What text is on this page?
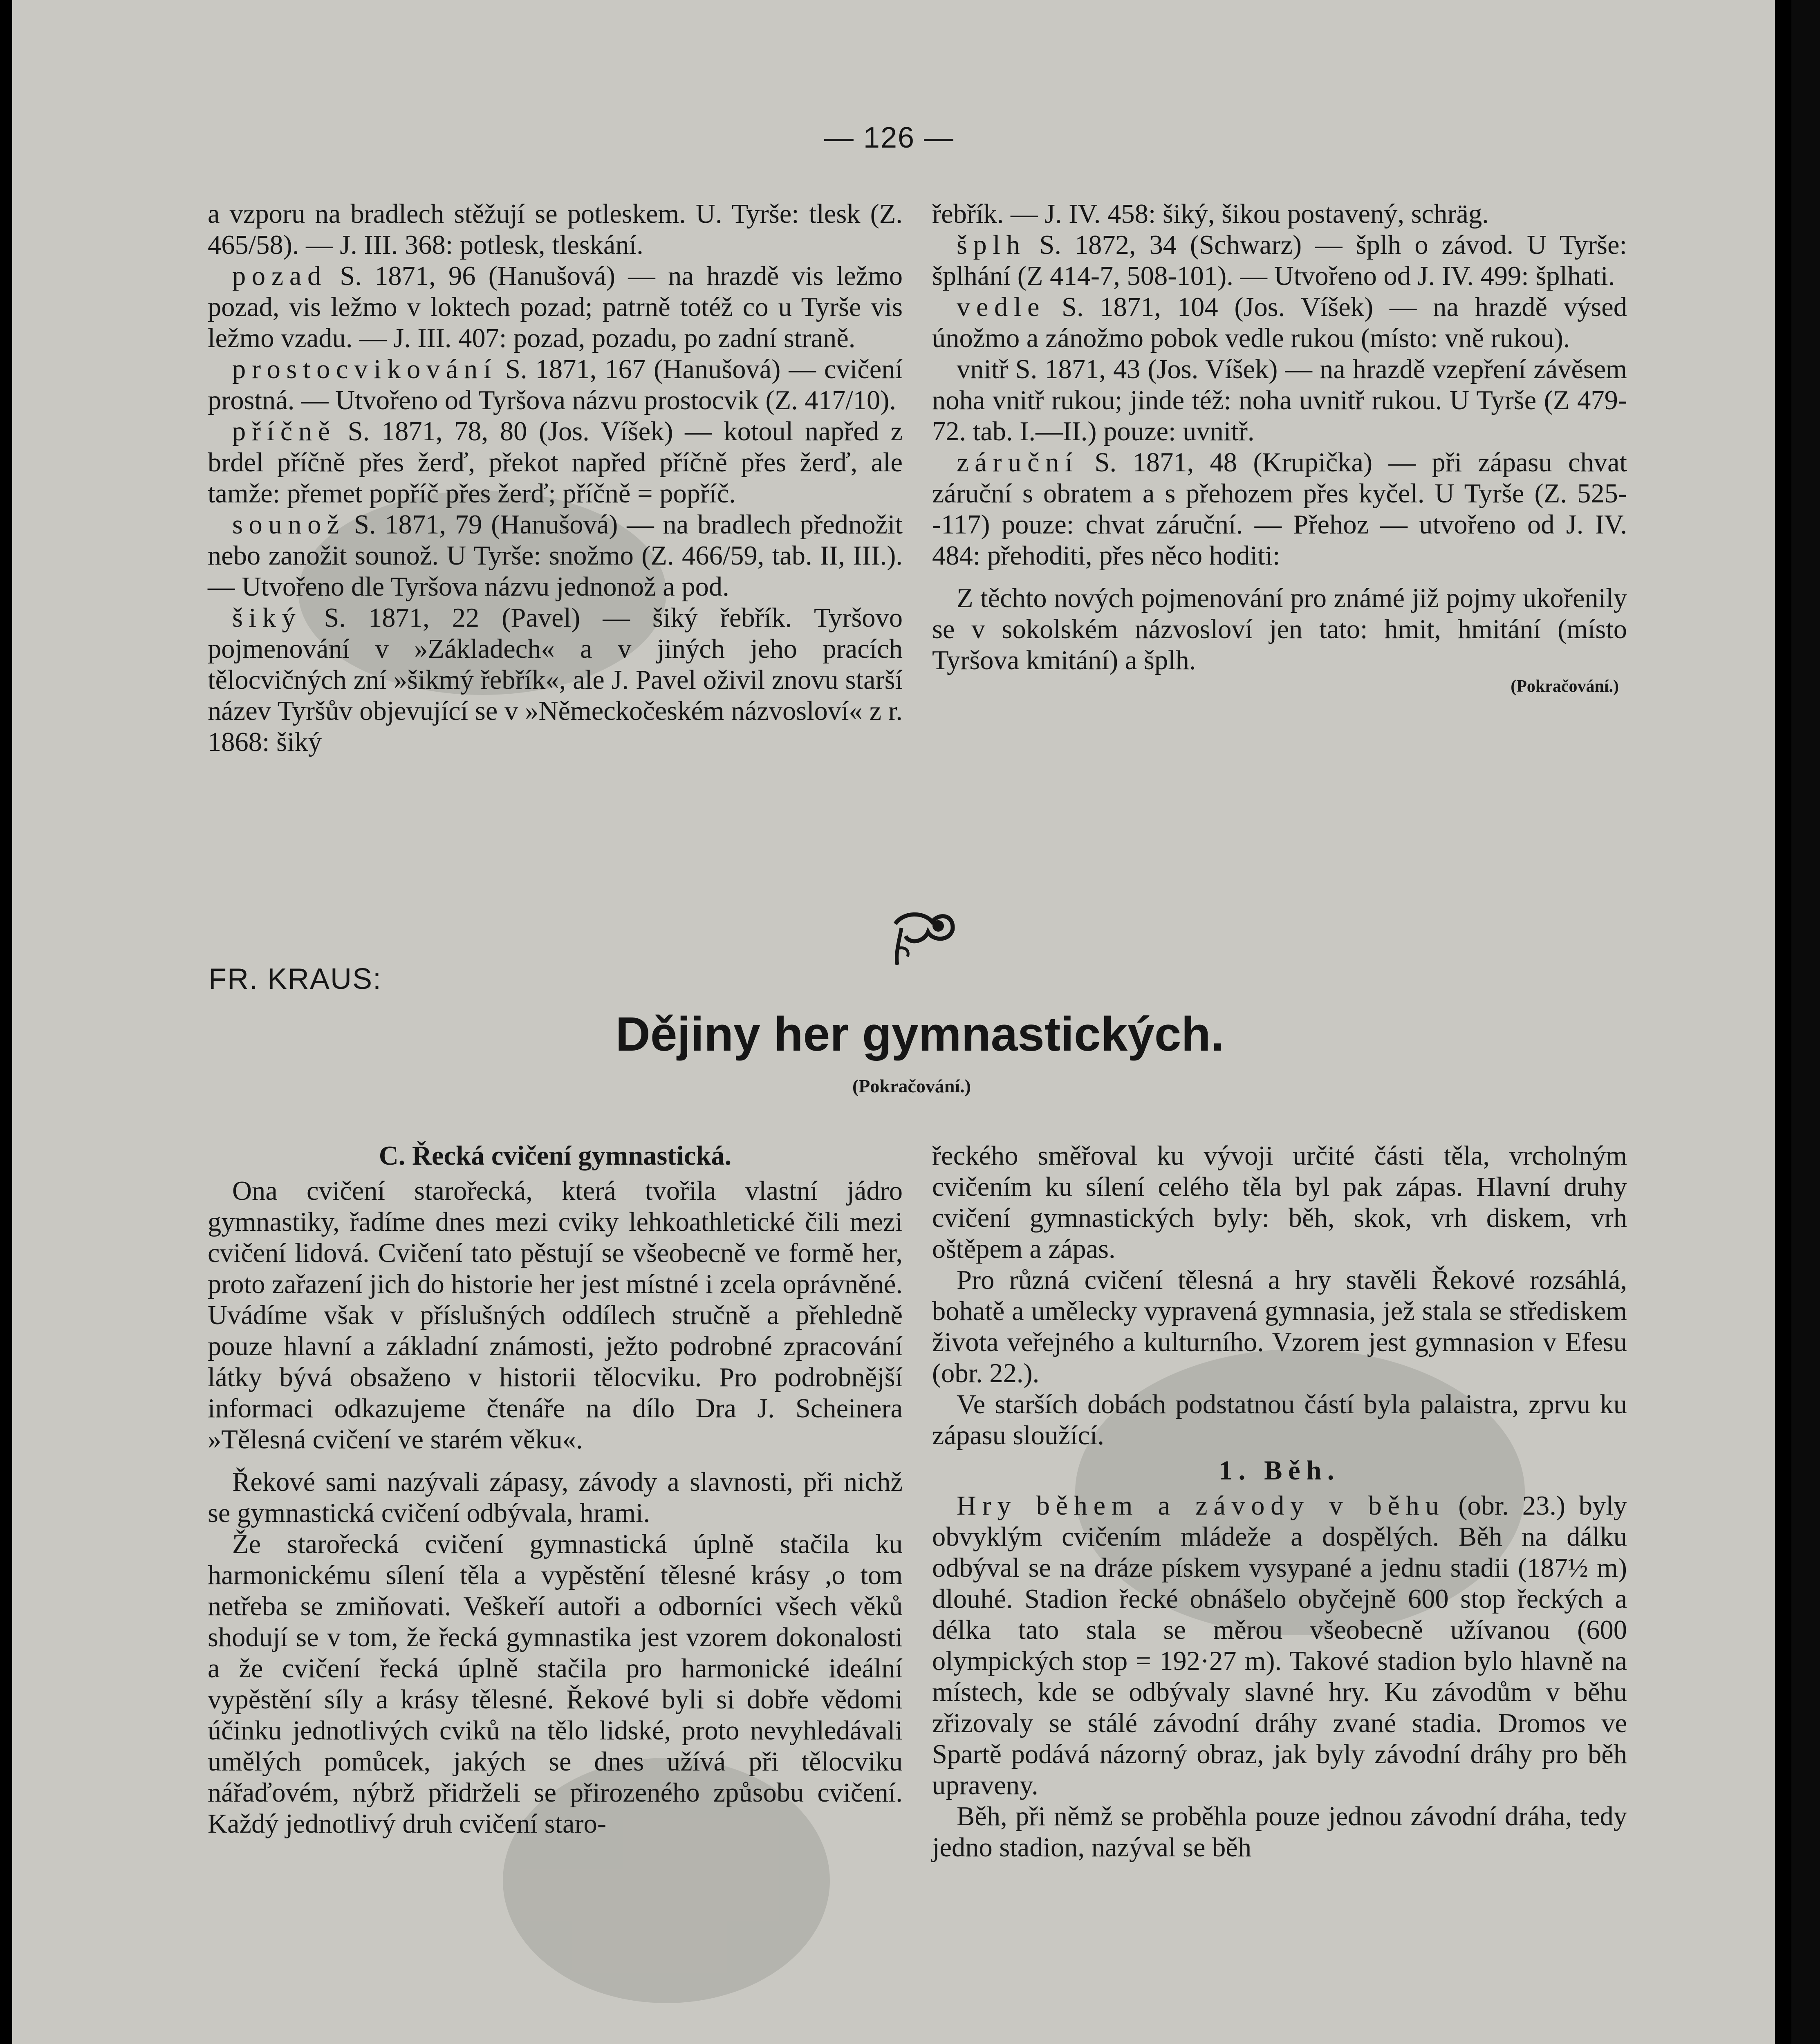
— 126 —

a vzporu na bradlech stěžují se potleskem. U. Tyrše: tlesk (Z. 465/58). — J. III. 368: potlesk, tleskání.

pozad S. 1871, 96 (Hanušová) — na hrazdě vis ležmo pozad, vis ležmo v loktech pozad; patrně totéž co u Tyrše vis ležmo vzadu. — J. III. 407: pozad, pozadu, po zadní straně.

prostocvikování S. 1871, 167 (Hanušová) — cvičení prostná. — Utvořeno od Tyršova názvu prostocvik (Z. 417/10).

příčně S. 1871, 78, 80 (Jos. Víšek) — kotoul napřed z brdel příčně přes žerď, překot napřed příčně přes žerď, ale tamže: přemet popříč přes žerď; příčně = popříč.

sounož S. 1871, 79 (Hanušová) — na bradlech přednožit nebo zanožit sounož. U Tyrše: snožmo (Z. 466/59, tab. II, III.). — Utvořeno dle Tyršova názvu jednonož a pod.

šiký S. 1871, 22 (Pavel) — šiký řebřík. Tyršovo pojmenování v »Základech« a v jiných jeho pracích tělocvičných zní »šikmý řebřík«, ale J. Pavel oživil znovu starší název Tyršův objevující se v »Německočeském názvosloví« z r. 1868: šiký

řebřík. — J. IV. 458: šiký, šikou postavený, schräg.

šplh S. 1872, 34 (Schwarz) — šplh o závod. U Tyrše: šplhání (Z 414-7, 508-101). — Utvořeno od J. IV. 499: šplhati.

vedle S. 1871, 104 (Jos. Víšek) — na hrazdě výsed únožmo a zánožmo pobok vedle rukou (místo: vně rukou).

vnitř S. 1871, 43 (Jos. Víšek) — na hrazdě vzepření závěsem noha vnitř rukou; jinde též: noha uvnitř rukou. U Tyrše (Z 479-72. tab. I.—II.) pouze: uvnitř.

záruční S. 1871, 48 (Krupička) — při zápasu chvat záruční s obratem a s přehozem přes kyčel. U Tyrše (Z. 525--117) pouze: chvat záruční. — Přehoz — utvořeno od J. IV. 484: přehoditi, přes něco hoditi:

Z těchto nových pojmenování pro známé již pojmy ukořenily se v sokolském názvosloví jen tato: hmit, hmitání (místo Tyršova kmitání) a šplh.

(Pokračování.)

FR. KRAUS:
Dějiny her gymnastických.
(Pokračování.)

C. Řecká cvičení gymnastická.

Ona cvičení starořecká, která tvořila vlastní jádro gymnastiky, řadíme dnes mezi cviky lehkoathletické čili mezi cvičení lidová. Cvičení tato pěstují se všeobecně ve formě her, proto zařazení jich do historie her jest místné i zcela oprávněné. Uvádíme však v příslušných oddílech stručně a přehledně pouze hlavní a základní známosti, ježto podrobné zpracování látky bývá obsaženo v historii tělocviku. Pro podrobnější informaci odkazujeme čtenáře na dílo Dra J. Scheinera »Tělesná cvičení ve starém věku«.

Řekové sami nazývali zápasy, závody a slavnosti, při nichž se gymnastická cvičení odbývala, hrami.

Že starořecká cvičení gymnastická úplně stačila ku harmonickému sílení těla a vypěstění tělesné krásy ,o tom netřeba se zmiňovati. Veškeří autoři a odborníci všech věků shodují se v tom, že řecká gymnastika jest vzorem dokonalosti a že cvičení řecká úplně stačila pro harmonické ideální vypěstění síly a krásy tělesné. Řekové byli si dobře vědomi účinku jednotlivých cviků na tělo lidské, proto nevyhledávali umělých pomůcek, jakých se dnes užívá při tělocviku nářaďovém, nýbrž přidrželi se přirozeného způsobu cvičení. Každý jednotlivý druh cvičení staro-

řeckého směřoval ku vývoji určité části těla, vrcholným cvičením ku sílení celého těla byl pak zápas. Hlavní druhy cvičení gymnastických byly: běh, skok, vrh diskem, vrh oštěpem a zápas.

Pro různá cvičení tělesná a hry stavěli Řekové rozsáhlá, bohatě a umělecky vypravená gymnasia, jež stala se střediskem života veřejného a kulturního. Vzorem jest gymnasion v Efesu (obr. 22.).

Ve starších dobách podstatnou částí byla palaistra, zprvu ku zápasu sloužící.

1. Běh.

Hry během a závody v běhu (obr. 23.) byly obvyklým cvičením mládeže a dospělých. Běh na dálku odbýval se na dráze pískem vysypané a jednu stadii (187½ m) dlouhé. Stadion řecké obnášelo obyčejně 600 stop řeckých a délka tato stala se měrou všeobecně užívanou (600 olympických stop = 192·27 m). Takové stadion bylo hlavně na místech, kde se odbývaly slavné hry. Ku závodům v běhu zřizovaly se stálé závodní dráhy zvané stadia. Dromos ve Spartě podává názorný obraz, jak byly závodní dráhy pro běh upraveny.

Běh, při němž se proběhla pouze jednou závodní dráha, tedy jedno stadion, nazýval se běh
